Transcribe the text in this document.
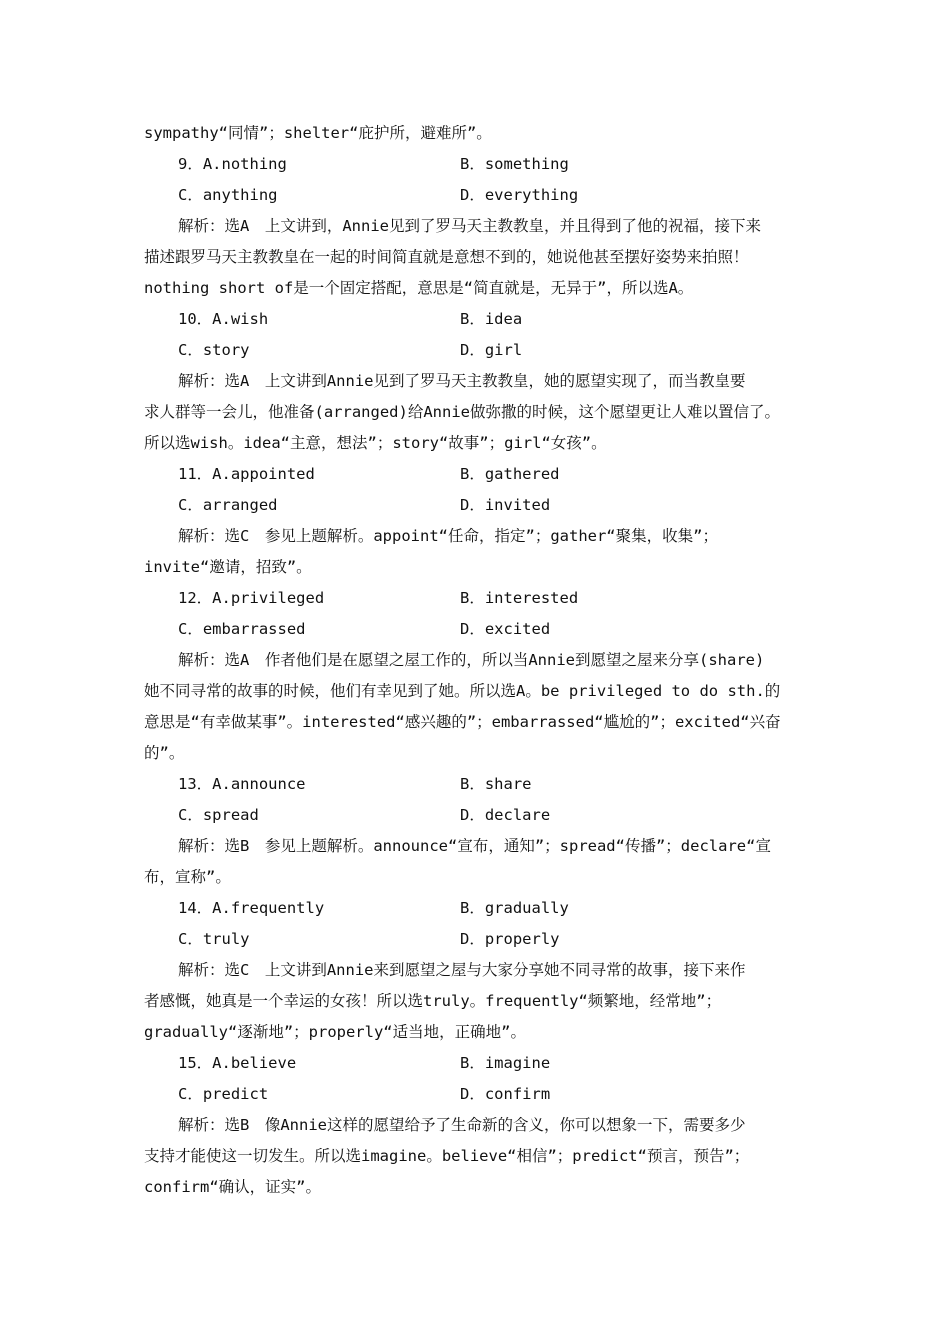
sympathy“同情”；shelter“庇护所，避难所”。
9．A.nothing	B．something
C．anything	D．everything
解析：选A　上文讲到，Annie见到了罗马天主教教皇，并且得到了他的祝福，接下来
描述跟罗马天主教教皇在一起的时间简直就是意想不到的，她说他甚至摆好姿势来拍照！
nothing short of是一个固定搭配，意思是“简直就是，无异于”，所以选A。
10．A.wish	B．idea
C．story	D．girl
解析：选A　上文讲到Annie见到了罗马天主教教皇，她的愿望实现了，而当教皇要
求人群等一会儿，他准备(arranged)给Annie做弥撒的时候，这个愿望更让人难以置信了。
所以选wish。idea“主意，想法”；story“故事”；girl“女孩”。
11．A.appointed	B．gathered
C．arranged	D．invited
解析：选C　参见上题解析。appoint“任命，指定”；gather“聚集，收集”；
invite“邀请，招致”。
12．A.privileged	B．interested
C．embarrassed	D．excited
解析：选A　作者他们是在愿望之屋工作的，所以当Annie到愿望之屋来分享(share)
她不同寻常的故事的时候，他们有幸见到了她。所以选A。be privileged to do sth.的
意思是“有幸做某事”。interested“感兴趣的”；embarrassed“尴尬的”；excited“兴奋
的”。
13．A.announce	B．share
C．spread	D．declare
解析：选B　参见上题解析。announce“宣布，通知”；spread“传播”；declare“宣
布，宣称”。
14．A.frequently	B．gradually
C．truly	D．properly
解析：选C　上文讲到Annie来到愿望之屋与大家分享她不同寻常的故事，接下来作
者感慨，她真是一个幸运的女孩！所以选truly。frequently“频繁地，经常地”；
gradually“逐渐地”；properly“适当地，正确地”。
15．A.believe	B．imagine
C．predict	D．confirm
解析：选B　像Annie这样的愿望给予了生命新的含义，你可以想象一下，需要多少
支持才能使这一切发生。所以选imagine。believe“相信”；predict“预言，预告”；
confirm“确认，证实”。
